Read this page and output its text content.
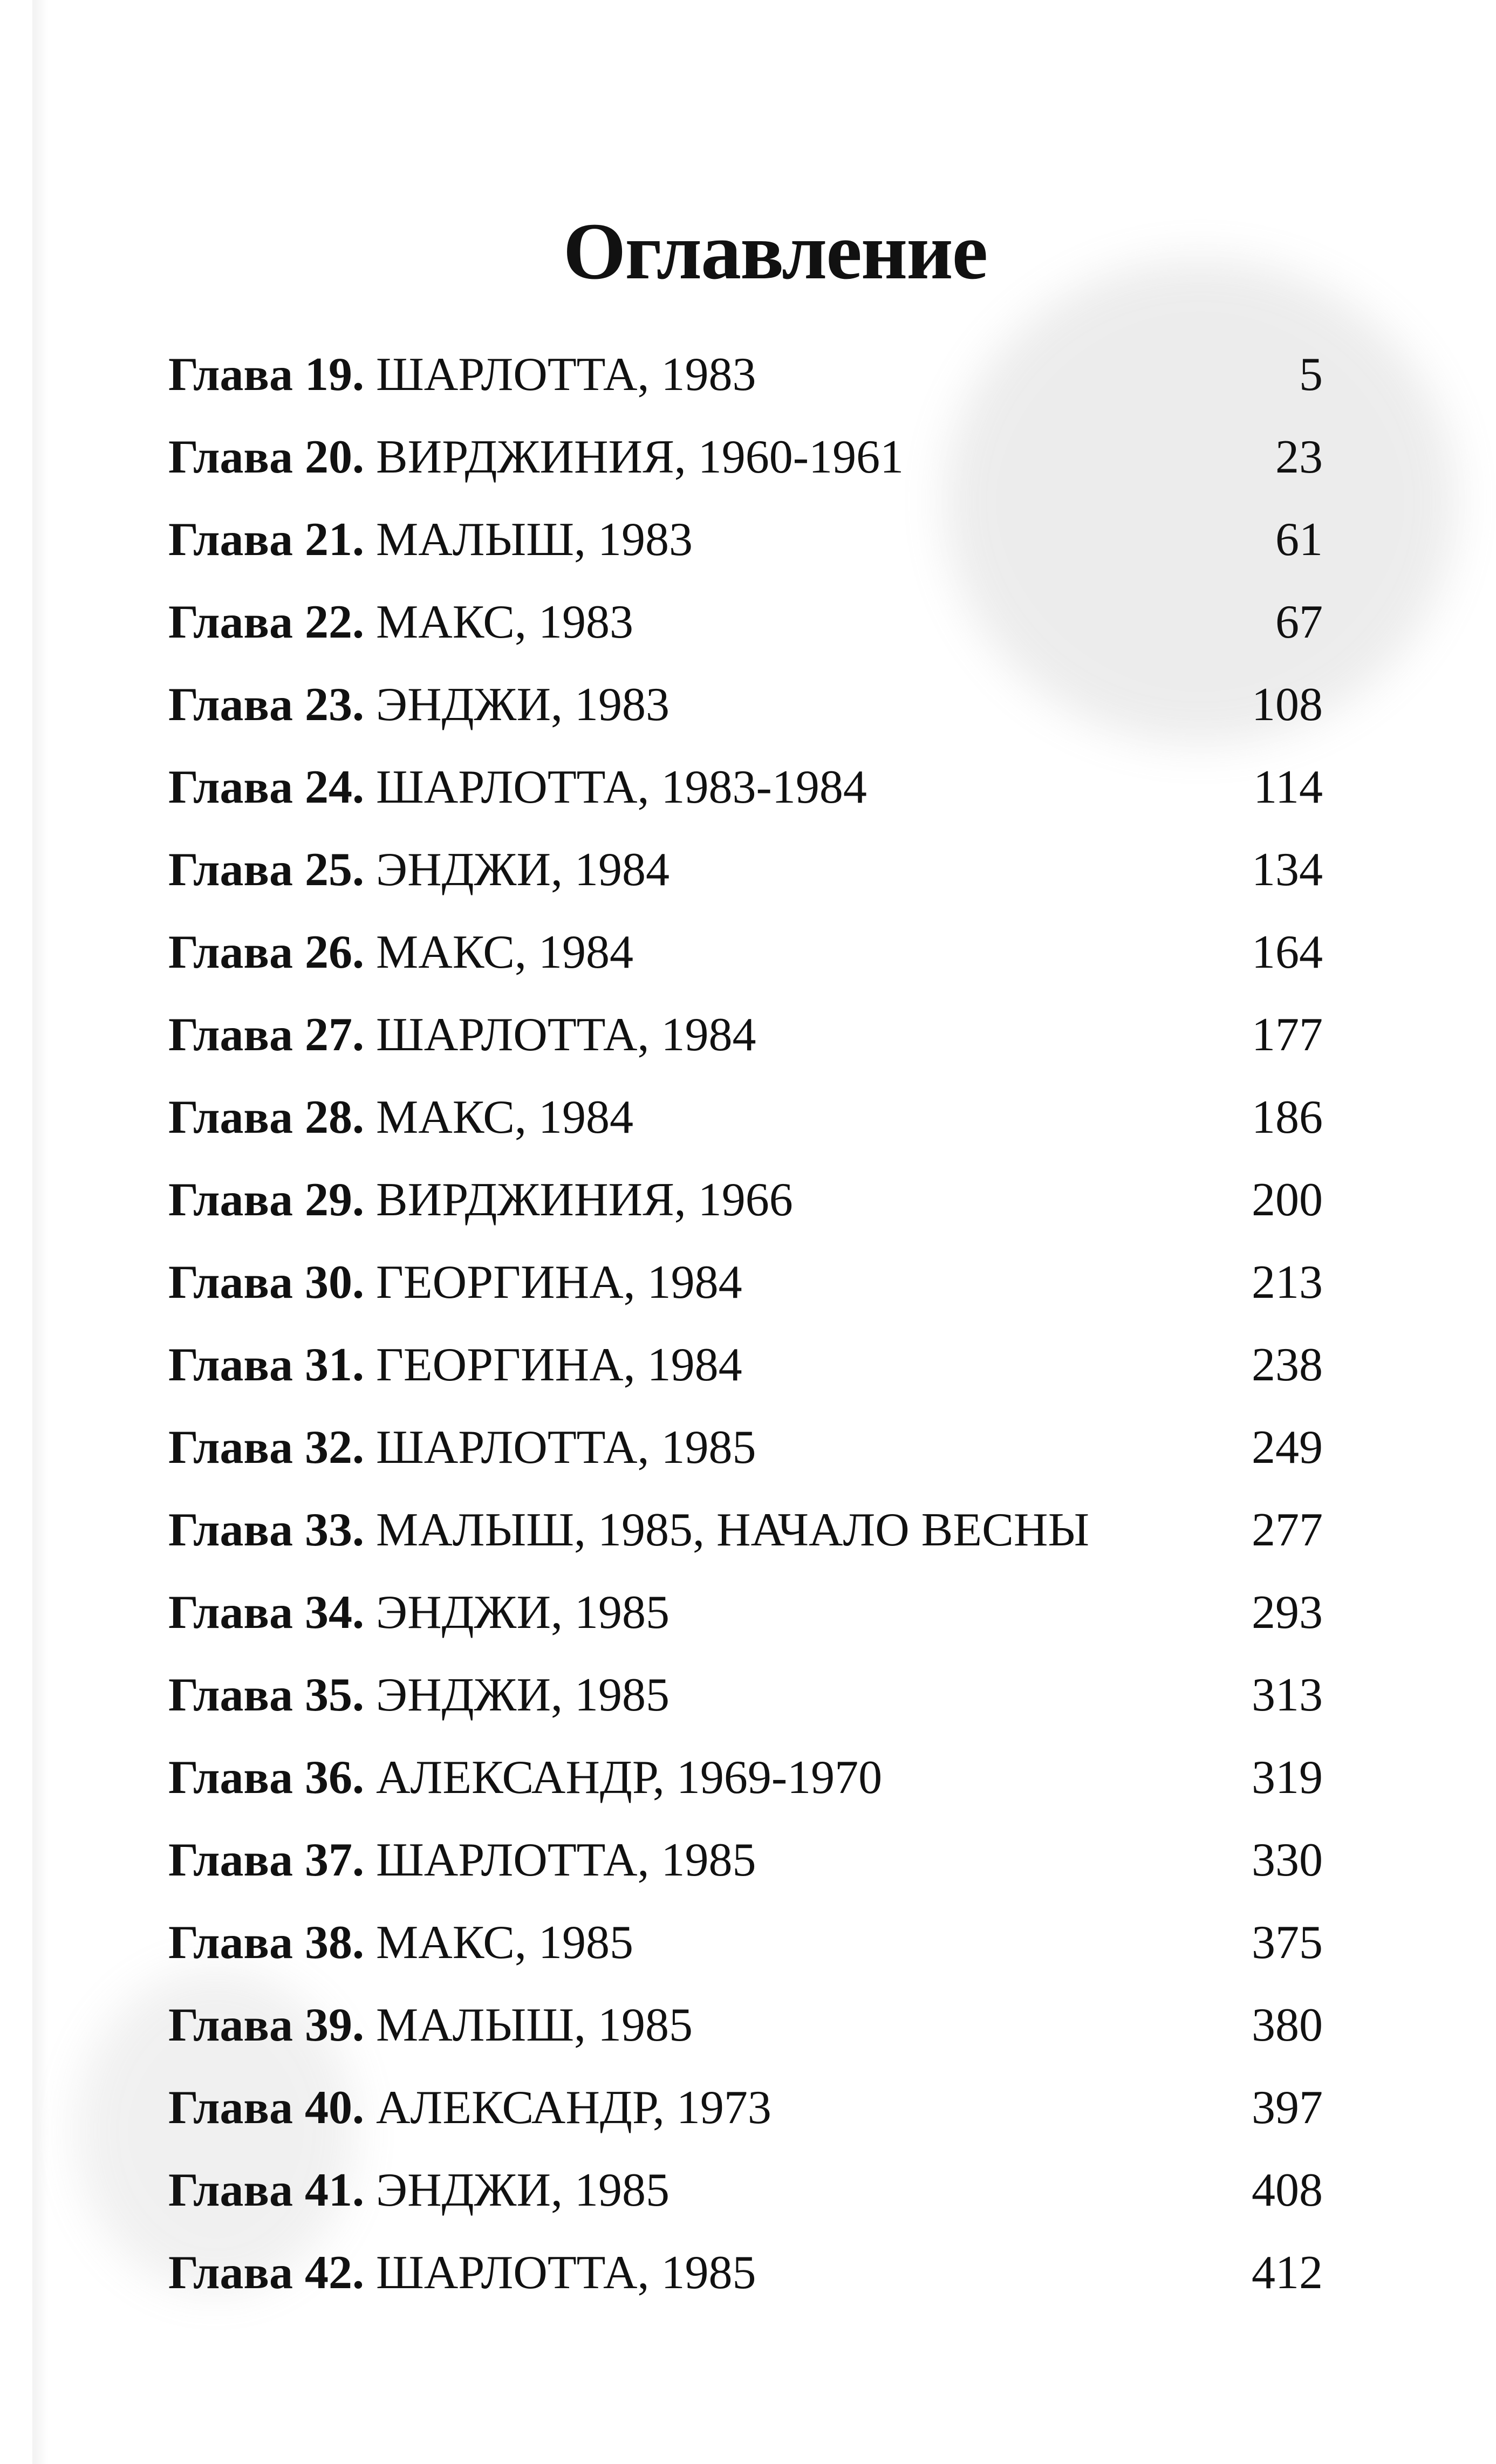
Оглавление
Глава 19. ШАРЛОТТА, 1983	5
Глава 20. ВИРДЖИНИЯ, 1960-1961	23
Глава 21. МАЛЫШ, 1983	61
Глава 22. МАКС, 1983	67
Глава 23. ЭНДЖИ, 1983	108
Глава 24. ШАРЛОТТА, 1983-1984	114
Глава 25. ЭНДЖИ, 1984	134
Глава 26. МАКС, 1984	164
Глава 27. ШАРЛОТТА, 1984	177
Глава 28. МАКС, 1984	186
Глава 29. ВИРДЖИНИЯ, 1966	200
Глава 30. ГЕОРГИНА, 1984	213
Глава 31. ГЕОРГИНА, 1984	238
Глава 32. ШАРЛОТТА, 1985	249
Глава 33. МАЛЫШ, 1985, НАЧАЛО ВЕСНЫ	277
Глава 34. ЭНДЖИ, 1985	293
Глава 35. ЭНДЖИ, 1985	313
Глава 36. АЛЕКСАНДР, 1969-1970	319
Глава 37. ШАРЛОТТА, 1985	330
Глава 38. МАКС, 1985	375
Глава 39. МАЛЫШ, 1985	380
Глава 40. АЛЕКСАНДР, 1973	397
Глава 41. ЭНДЖИ, 1985	408
Глава 42. ШАРЛОТТА, 1985	412
